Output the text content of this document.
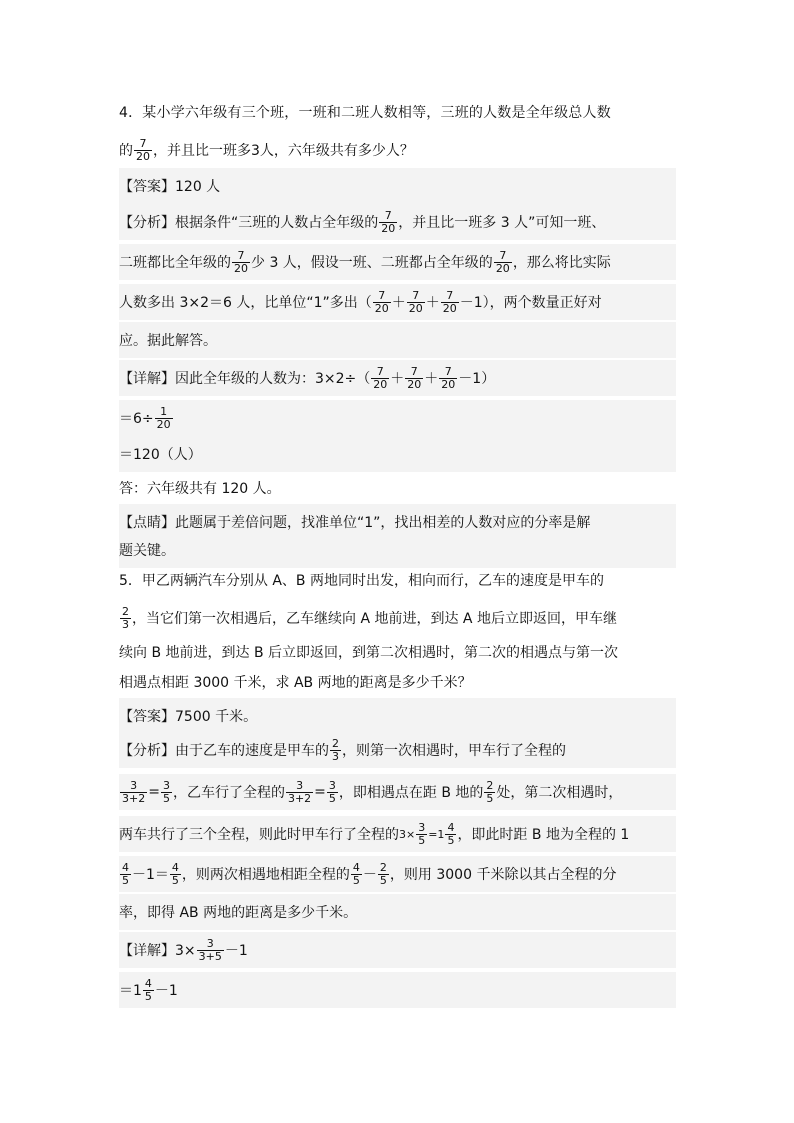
4．某小学六年级有三个班，一班和二班人数相等，三班的人数是全年级总人数
的 $\frac{7}{20}$ ，并且比一班多3人，六年级共有多少人？
【答案】120 人
【分析】根据条件“三班的人数占全年级的 $\frac{7}{20}$ ，并且比一班多 3 人”可知一班、
二班都比全年级的 $\frac{7}{20}$ 少 3 人，假设一班、二班都占全年级的 $\frac{7}{20}$ ，那么将比实际
人数多出 3×2＝6 人，比单位“1”多出（ $\frac{7}{20} + \frac{7}{20} + \frac{7}{20} -1$），两个数量正好对
应。据此解答。
【详解】因此全年级的人数为：$3\times 2\div( \frac{7}{20} + \frac{7}{20} + \frac{7}{20} -1)$
$=6\div \frac{1}{20}$
＝120（人）
答：六年级共有 120 人。
【点睛】此题属于差倍问题，找准单位“1”，找出相差的人数对应的分率是解
题关键。
5．甲乙两辆汽车分别从 A、B 两地同时出发，相向而行，乙车的速度是甲车的
$\frac{2}{3}$ ，当它们第一次相遇后，乙车继续向 A 地前进，到达 A 地后立即返回，甲车继
续向 B 地前进，到达 B 后立即返回，到第二次相遇时，第二次的相遇点与第一次
相遇点相距 3000 千米，求 AB 两地的距离是多少千米？
【答案】7500 千米。
【分析】由于乙车的速度是甲车的 $\frac{2}{3}$ ，则第一次相遇时，甲车行了全程的
$\frac{3}{3+2} = \frac{3}{5}$ ，乙车行了全程的 $\frac{3}{3+2} = \frac{3}{5}$ ，即相遇点在距 B 地的 $\frac{2}{5}$ 处，第二次相遇时，
两车共行了三个全程，则此时甲车行了全程的 $3\times \frac{3}{5} =1 \frac{4}{5}$ ，即此时距 B 地为全程的 1
$\frac{4}{5} -1= \frac{4}{5}$ ，则两次相遇地相距全程的 $\frac{4}{5} - \frac{2}{5}$ ，则用 3000 千米除以其占全程的分
率，即得 AB 两地的距离是多少千米。
【详解】$3\times \frac{3}{3+5} -1$
$=1 \frac{4}{5} -1$
